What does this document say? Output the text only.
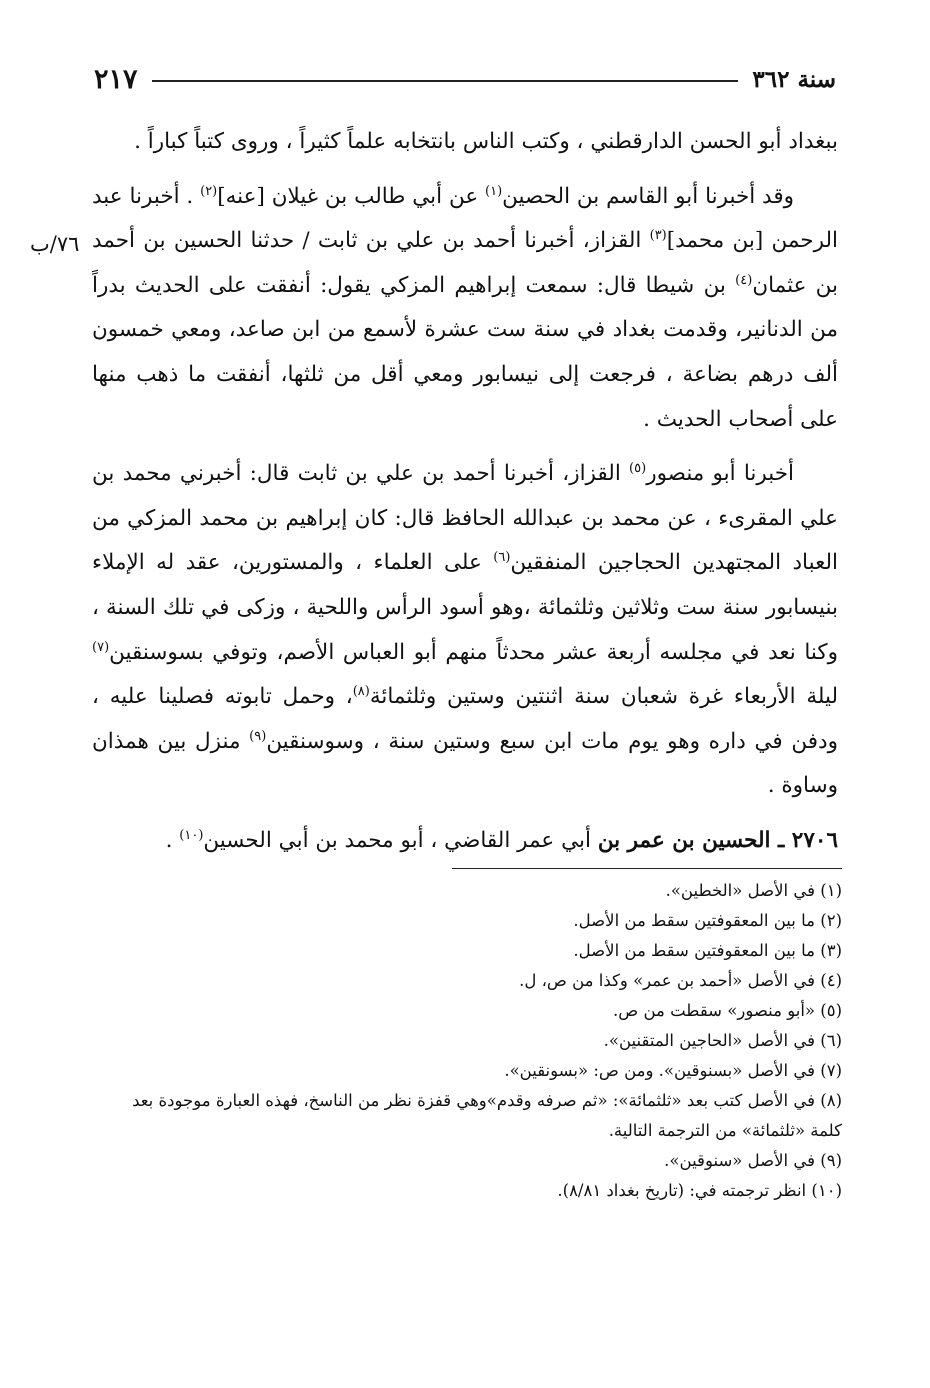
سنة ٣٦٢
٢١٧
٧٦/ب

ببغداد أبو الحسن الدارقطني ، وكتب الناس بانتخابه علماً كثيراً ، وروى كتباً كباراً .

وقد أخبرنا أبو القاسم بن الحصين$^{(١)}$ عن أبي طالب بن غيلان [عنه]$^{(٢)}$ . أخبرنا عبد الرحمن [بن محمد]$^{(٣)}$ القزاز، أخبرنا أحمد بن علي بن ثابت / حدثنا الحسين بن أحمد بن عثمان$^{(٤)}$ بن شيطا قال: سمعت إبراهيم المزكي يقول: أنفقت على الحديث بدراً من الدنانير، وقدمت بغداد في سنة ست عشرة لأسمع من ابن صاعد، ومعي خمسون ألف درهم بضاعة ، فرجعت إلى نيسابور ومعي أقل من ثلثها، أنفقت ما ذهب منها على أصحاب الحديث .

أخبرنا أبو منصور$^{(٥)}$ القزاز، أخبرنا أحمد بن علي بن ثابت قال: أخبرني محمد بن علي المقرىء ، عن محمد بن عبدالله الحافظ قال: كان إبراهيم بن محمد المزكي من العباد المجتهدين الحجاجين المنفقين$^{(٦)}$ على العلماء ، والمستورين، عقد له الإملاء بنيسابور سنة ست وثلاثين وثلثمائة ،وهو أسود الرأس واللحية ، وزكى في تلك السنة ، وكنا نعد في مجلسه أربعة عشر محدثاً منهم أبو العباس الأصم، وتوفي بسوسنقين$^{(٧)}$ ليلة الأربعاء غرة شعبان سنة اثنتين وستين وثلثمائة$^{(٨)}$، وحمل تابوته فصلينا عليه ، ودفن في داره وهو يوم مات ابن سبع وستين سنة ، وسوسنقين$^{(٩)}$ منزل بين همذان وساوة .

٢٧٠٦ ـ الحسين بن عمر بن أبي عمر القاضي ، أبو محمد بن أبي الحسين$^{(١٠)}$ .

(١) في الأصل «الخطين».
(٢) ما بين المعقوفتين سقط من الأصل.
(٣) ما بين المعقوفتين سقط من الأصل.
(٤) في الأصل «أحمد بن عمر» وكذا من ص، ل.
(٥) «أبو منصور» سقطت من ص.
(٦) في الأصل «الحاجين المتقنين».
(٧) في الأصل «بسنوقين». ومن ص: «بسونقين».
(٨) في الأصل كتب بعد «ثلثمائة»: «ثم صرفه وقدم»وهي قفزة نظر من الناسخ، فهذه العبارة موجودة بعد
كلمة «ثلثمائة» من الترجمة التالية.
(٩) في الأصل «سنوقين».
(١٠) انظر ترجمته في: (تاريخ بغداد ٨/٨١).
